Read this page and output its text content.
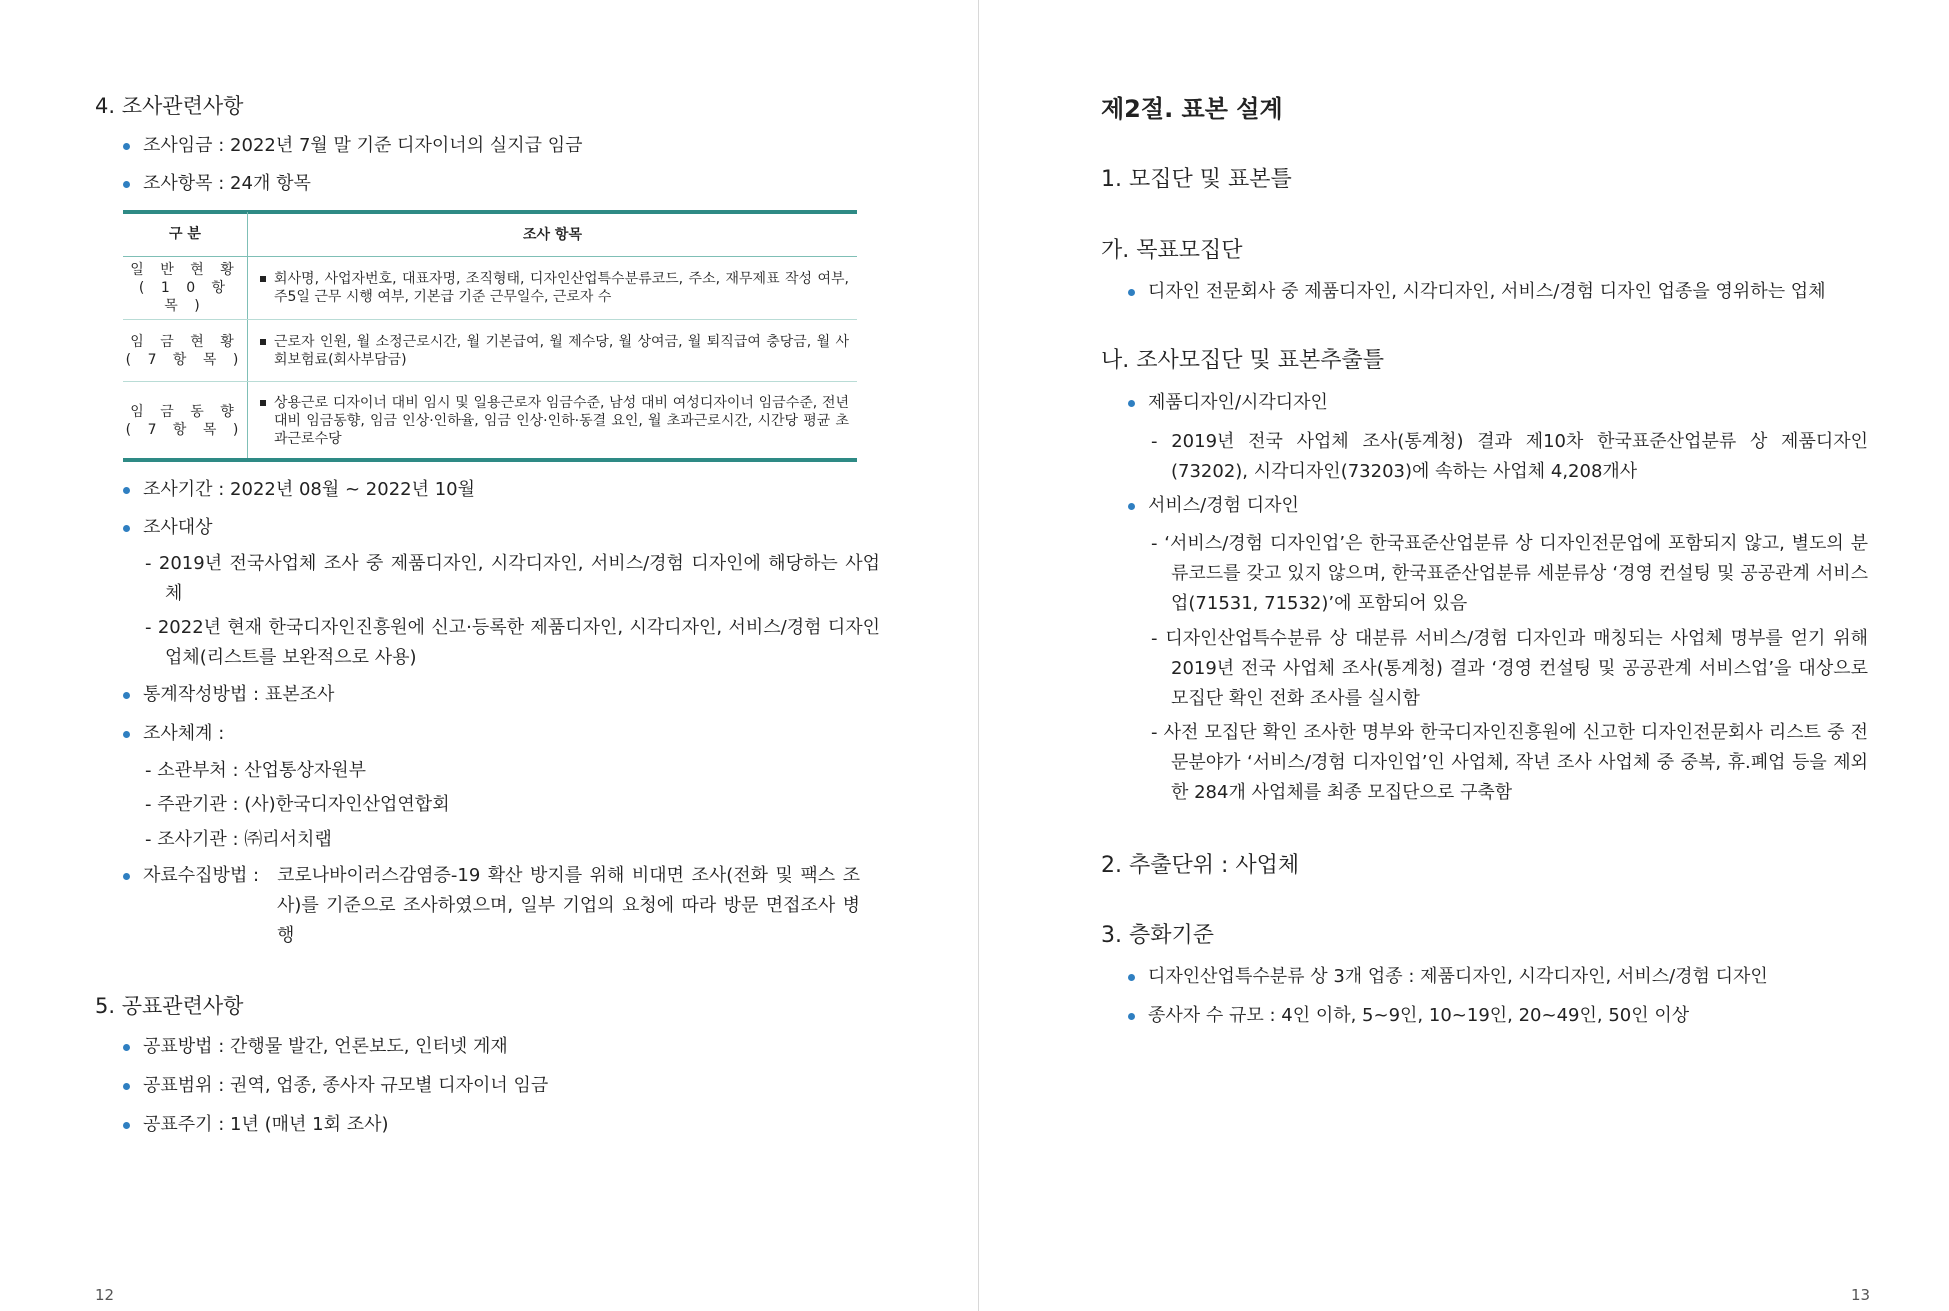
4. 조사관련사항
조사임금 : 2022년 7월 말 기준 디자이너의 실지급 임금
조사항목 : 24개 항목
구 분	조사 항목

일 반 현 황
( 1 0 항 목 )	회사명, 사업자번호, 대표자명, 조직형태, 디자인산업특수분류코드, 주소, 재무제표 작성 여부, 주5일 근무 시행 여부, 기본급 기준 근무일수, 근로자 수

임 금 현 황
( 7 항 목 )	근로자 인원, 월 소정근로시간, 월 기본급여, 월 제수당, 월 상여금, 월 퇴직급여 충당금, 월 사회보험료(회사부담금)

임 금 동 향
( 7 항 목 )	상용근로 디자이너 대비 임시 및 일용근로자 임금수준, 남성 대비 여성디자이너 임금수준, 전년대비 임금동향, 임금 인상·인하율, 임금 인상·인하·동결 요인, 월 초과근로시간, 시간당 평균 초과근로수당
조사기간 : 2022년 08월 ~ 2022년 10월
조사대상
- 2019년 전국사업체 조사 중 제품디자인, 시각디자인, 서비스/경험 디자인에 해당하는 사업체
- 2022년 현재 한국디자인진흥원에 신고·등록한 제품디자인, 시각디자인, 서비스/경험 디자인 업체(리스트를 보완적으로 사용)
통계작성방법 : 표본조사
조사체계 :
- 소관부처 : 산업통상자원부
- 주관기관 : (사)한국디자인산업연합회
- 조사기관 : ㈜리서치랩
자료수집방법 : 코로나바이러스감염증-19 확산 방지를 위해 비대면 조사(전화 및 팩스 조사)를 기준으로 조사하였으며, 일부 기업의 요청에 따라 방문 면접조사 병행
5. 공표관련사항
공표방법 : 간행물 발간, 언론보도, 인터넷 게재
공표범위 : 권역, 업종, 종사자 규모별 디자이너 임금
공표주기 : 1년 (매년 1회 조사)
12
제2절. 표본 설계
1. 모집단 및 표본틀
가. 목표모집단
디자인 전문회사 중 제품디자인, 시각디자인, 서비스/경험 디자인 업종을 영위하는 업체
나. 조사모집단 및 표본추출틀
제품디자인/시각디자인
- 2019년 전국 사업체 조사(통계청) 결과 제10차 한국표준산업분류 상 제품디자인(73202), 시각디자인(73203)에 속하는 사업체 4,208개사
서비스/경험 디자인
- ‘서비스/경험 디자인업’은 한국표준산업분류 상 디자인전문업에 포함되지 않고, 별도의 분류코드를 갖고 있지 않으며, 한국표준산업분류 세분류상 ‘경영 컨설팅 및 공공관계 서비스업(71531, 71532)’에 포함되어 있음
- 디자인산업특수분류 상 대분류 서비스/경험 디자인과 매칭되는 사업체 명부를 얻기 위해 2019년 전국 사업체 조사(통계청) 결과 ‘경영 컨설팅 및 공공관계 서비스업’을 대상으로 모집단 확인 전화 조사를 실시함
- 사전 모집단 확인 조사한 명부와 한국디자인진흥원에 신고한 디자인전문회사 리스트 중 전문분야가 ‘서비스/경험 디자인업’인 사업체, 작년 조사 사업체 중 중복, 휴.폐업 등을 제외한 284개 사업체를 최종 모집단으로 구축함
2. 추출단위 : 사업체
3. 층화기준
디자인산업특수분류 상 3개 업종 : 제품디자인, 시각디자인, 서비스/경험 디자인
종사자 수 규모 : 4인 이하, 5~9인, 10~19인, 20~49인, 50인 이상
13
